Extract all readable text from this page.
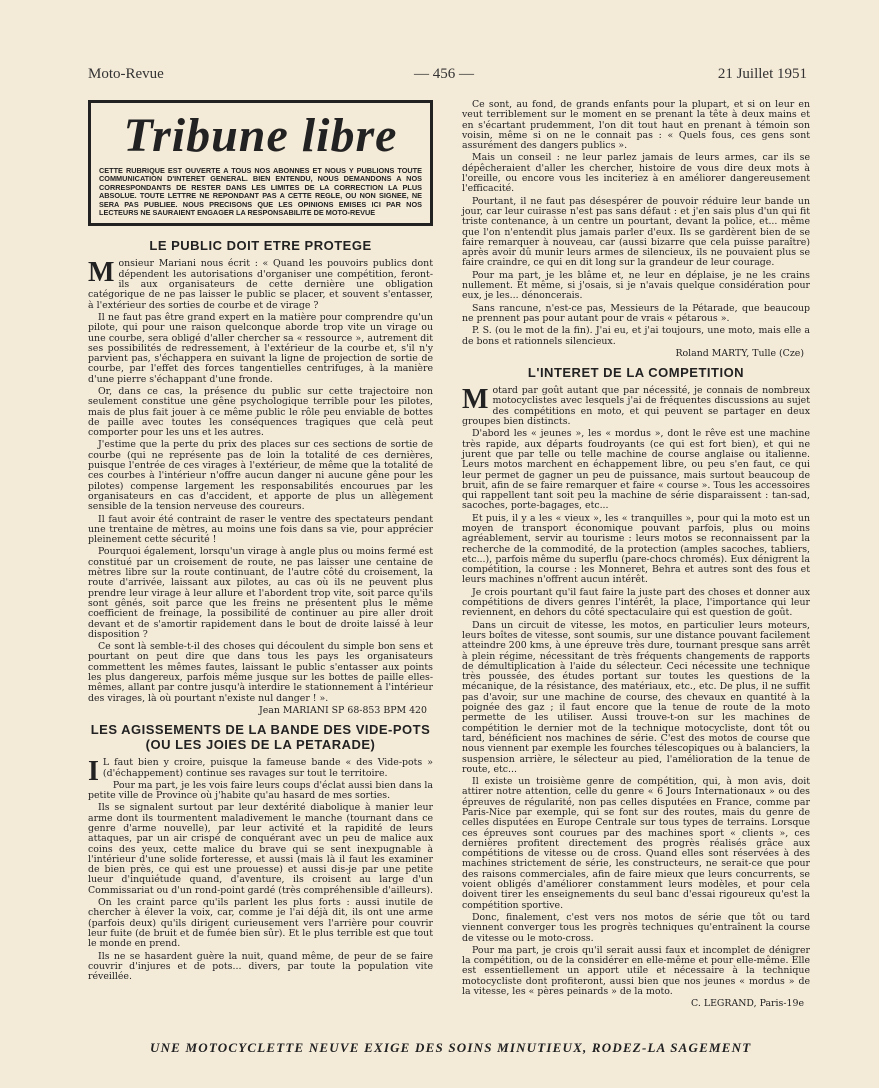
Moto-Revue	— 456 —	21 Juillet 1951
Tribune libre
CETTE RUBRIQUE EST OUVERTE A TOUS NOS ABONNES ET NOUS Y PUBLIONS TOUTE COMMUNICATION D'INTERET GENERAL. BIEN ENTENDU, NOUS DEMANDONS A NOS CORRESPONDANTS DE RESTER DANS LES LIMITES DE LA CORRECTION LA PLUS ABSOLUE. TOUTE LETTRE NE REPONDANT PAS A CETTE REGLE, OU NON SIGNEE, NE SERA PAS PUBLIEE. NOUS PRECISONS QUE LES OPINIONS EMISES ICI PAR NOS LECTEURS NE SAURAIENT ENGAGER LA RESPONSABILITE DE MOTO-REVUE
LE PUBLIC DOIT ETRE PROTEGE

Monsieur Mariani nous écrit : « Quand les pouvoirs publics dont dépendent les autorisations d'organiser une compétition, feront-ils aux organisateurs de cette dernière une obligation catégorique de ne pas laisser le public se placer, et souvent s'entasser, à l'extérieur des sorties de courbe et de virage ?

Il ne faut pas être grand expert en la matière pour comprendre qu'un pilote, qui pour une raison quelconque aborde trop vite un virage ou une courbe, sera obligé d'aller chercher sa « ressource », autrement dit ses possibilités de redressement, à l'extérieur de la courbe et, s'il n'y parvient pas, s'échappera en suivant la ligne de projection de sortie de courbe, par l'effet des forces tangentielles centrifuges, à la manière d'une pierre s'échappant d'une fronde.

Or, dans ce cas, la présence du public sur cette trajectoire non seulement constitue une gêne psychologique terrible pour les pilotes, mais de plus fait jouer à ce même public le rôle peu enviable de bottes de paille avec toutes les conséquences tragiques que celà peut comporter pour les uns et les autres.

J'estime que la perte du prix des places sur ces sections de sortie de courbe (qui ne représente pas de loin la totalité de ces dernières, puisque l'entrée de ces virages à l'extérieur, de même que la totalité de ces courbes à l'intérieur n'offre aucun danger ni aucune gêne pour les pilotes) compense largement les responsabilités encourues par les organisateurs en cas d'accident, et apporte de plus un allègement sensible de la tension nerveuse des coureurs.

Il faut avoir été contraint de raser le ventre des spectateurs pendant une trentaine de mètres, au moins une fois dans sa vie, pour apprécier pleinement cette sécurité !

Pourquoi également, lorsqu'un virage à angle plus ou moins fermé est constitué par un croisement de route, ne pas laisser une centaine de mètres libre sur la route continuant, de l'autre côté du croisement, la route d'arrivée, laissant aux pilotes, au cas où ils ne peuvent plus prendre leur virage à leur allure et l'abordent trop vite, soit parce qu'ils sont gênés, soit parce que les freins ne présentent plus le même coefficient de freinage, la possibilité de continuer au pire aller droit devant et de s'amortir rapidement dans le bout de droite laissé à leur disposition ?

Ce sont là semble-t-il des choses qui découlent du simple bon sens et pourtant on peut dire que dans tous les pays les organisateurs commettent les mêmes fautes, laissant le public s'entasser aux points les plus dangereux, parfois même jusque sur les bottes de paille elles-mêmes, allant par contre jusqu'à interdire le stationnement à l'intérieur des virages, là où pourtant n'existe nul danger ! ».

Jean MARIANI SP 68-853 BPM 420
LES AGISSEMENTS DE LA BANDE DES VIDE-POTS (OU LES JOIES DE LA PETARADE)

I L faut bien y croire, puisque la fameuse bande « des Vide-pots » (d'échappement) continue ses ravages sur tout le territoire.

Pour ma part, je les vois faire leurs coups d'éclat aussi bien dans la petite ville de Province où j'habite qu'au hasard de mes sorties.

Ils se signalent surtout par leur dextérité diabolique à manier leur arme dont ils tourmentent maladivement le manche (tournant dans ce genre d'arme nouvelle), par leur activité et la rapidité de leurs attaques, par un air crispé de conquérant avec un peu de malice aux coins des yeux, cette malice du brave qui se sent inexpugnable à l'intérieur d'une solide forteresse, et aussi (mais là il faut les examiner de bien près, ce qui est une prouesse) et aussi dis-je par une petite lueur d'inquiétude quand, d'aventure, ils croisent au large d'un Commissariat ou d'un rond-point gardé (très compréhensible d'ailleurs).

On les craint parce qu'ils parlent les plus forts : aussi inutile de chercher à élever la voix, car, comme je l'ai déjà dit, ils ont une arme (parfois deux) qu'ils dirigent curieusement vers l'arrière pour couvrir leur fuite (de bruit et de fumée bien sûr). Et le plus terrible est que tout le monde en prend.

Ils ne se hasardent guère la nuit, quand même, de peur de se faire couvrir d'injures et de pots... divers, par toute la population vite réveillée.

Ce sont, au fond, de grands enfants pour la plupart, et si on leur en veut terriblement sur le moment en se prenant la tête à deux mains et en s'écartant prudemment, l'on dit tout haut en prenant à témoin son voisin, même si on ne le connait pas : « Quels fous, ces gens sont assurément des dangers publics ».

Mais un conseil : ne leur parlez jamais de leurs armes, car ils se dépêcheraient d'aller les chercher, histoire de vous dire deux mots à l'oreille, ou encore vous les inciteriez à en améliorer dangereusement l'efficacité.

Pourtant, il ne faut pas désespérer de pouvoir réduire leur bande un jour, car leur cuirasse n'est pas sans défaut : et j'en sais plus d'un qui fit triste contenance, à un centre un pourtant, devant la police, et... même que l'on n'entendit plus jamais parler d'eux. Ils se gardèrent bien de se faire remarquer à nouveau, car (aussi bizarre que cela puisse paraître) après avoir dû munir leurs armes de silencieux, ils ne pouvaient plus se faire craindre, ce qui en dit long sur la grandeur de leur courage.

Pour ma part, je les blâme et, ne leur en déplaise, je ne les crains nullement. Et même, si j'osais, si je n'avais quelque considération pour eux, je les... dénoncerais.

Sans rancune, n'est-ce pas, Messieurs de la Pétarade, que beaucoup ne prennent pas pour autant pour de vrais « pétarous ».

P. S. (ou le mot de la fin). J'ai eu, et j'ai toujours, une moto, mais elle a de bons et rationnels silencieux.

Roland MARTY, Tulle (Cze)
L'INTERET DE LA COMPETITION

Motard par goût autant que par nécessité, je connais de nombreux motocyclistes avec lesquels j'ai de fréquentes discussions au sujet des compétitions en moto, et qui peuvent se partager en deux groupes bien distincts.

D'abord les « jeunes », les « mordus », dont le rêve est une machine très rapide, aux départs foudroyants (ce qui est fort bien), et qui ne jurent que par telle ou telle machine de course anglaise ou italienne. Leurs motos marchent en échappement libre, ou peu s'en faut, ce qui leur permet de gagner un peu de puissance, mais surtout beaucoup de bruit, afin de se faire remarquer et faire « course ». Tous les accessoires qui rappellent tant soit peu la machine de série disparaissent : tan-sad, sacoches, porte-bagages, etc...

Et puis, il y a les « vieux », les « tranquilles », pour qui la moto est un moyen de transport économique pouvant parfois, plus ou moins agréablement, servir au tourisme : leurs motos se reconnaissent par la recherche de la commodité, de la protection (amples sacoches, tabliers, etc...), parfois même du superflu (pare-chocs chromés). Eux dénigrent la compétition, la course : les Monneret, Behra et autres sont des fous et leurs machines n'offrent aucun intérêt.

Je crois pourtant qu'il faut faire la juste part des choses et donner aux compétitions de divers genres l'intérêt, la place, l'importance qui leur reviennent, en dehors du côté spectaculaire qui est question de goût.

Dans un circuit de vitesse, les motos, en particulier leurs moteurs, leurs boîtes de vitesse, sont soumis, sur une distance pouvant facilement atteindre 200 kms, à une épreuve très dure, tournant presque sans arrêt à plein régime, nécessitant de très fréquents changements de rapports de démultiplication à l'aide du sélecteur. Ceci nécessite une technique très poussée, des études portant sur toutes les questions de la mécanique, de la résistance, des matériaux, etc., etc. De plus, il ne suffit pas d'avoir, sur une machine de course, des chevaux en quantité à la poignée des gaz ; il faut encore que la tenue de route de la moto permette de les utiliser. Aussi trouve-t-on sur les machines de compétition le dernier mot de la technique motocycliste, dont tôt ou tard, bénéficient nos machines de série. C'est des motos de course que nous viennent par exemple les fourches télescopiques ou à balanciers, la suspension arrière, le sélecteur au pied, l'amélioration de la tenue de route, etc...

Il existe un troisième genre de compétition, qui, à mon avis, doit attirer notre attention, celle du genre « 6 Jours Internationaux » ou des épreuves de régularité, non pas celles disputées en France, comme par Paris-Nice par exemple, qui se font sur des routes, mais du genre de celles disputées en Europe Centrale sur tous types de terrains. Lorsque ces épreuves sont courues par des machines sport « clients », ces dernières profitent directement des progrès réalisés grâce aux compétitions de vitesse ou de cross. Quand elles sont réservées à des machines strictement de série, les constructeurs, ne serait-ce que pour des raisons commerciales, afin de faire mieux que leurs concurrents, se voient obligés d'améliorer constamment leurs modèles, et pour cela doivent tirer les enseignements du seul banc d'essai rigoureux qu'est la compétition sportive.

Donc, finalement, c'est vers nos motos de série que tôt ou tard viennent converger tous les progrès techniques qu'entraînent la course de vitesse ou le moto-cross.

Pour ma part, je crois qu'il serait aussi faux et incomplet de dénigrer la compétition, ou de la considérer en elle-même et pour elle-même. Elle est essentiellement un apport utile et nécessaire à la technique motocycliste dont profiteront, aussi bien que nos jeunes « mordus » de la vitesse, les « pères peinards » de la moto.

C. LEGRAND, Paris-19e
UNE MOTOCYCLETTE NEUVE EXIGE DES SOINS MINUTIEUX, RODEZ-LA SAGEMENT
